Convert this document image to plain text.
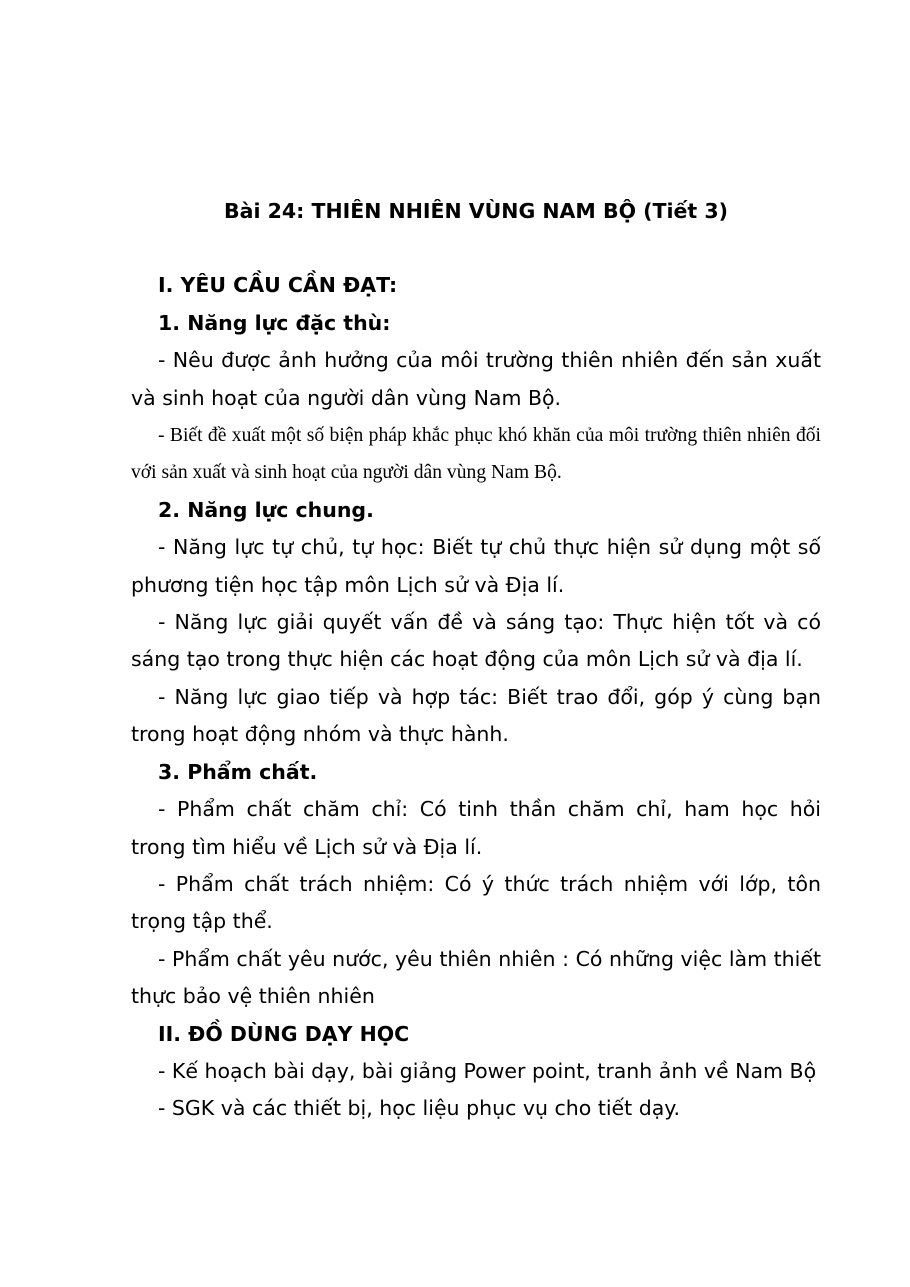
Bài 24: THIÊN NHIÊN VÙNG NAM BỘ (Tiết 3)

I. YÊU CẦU CẦN ĐẠT:

1. Năng lực đặc thù:

- Nêu được ảnh hưởng của môi trường thiên nhiên đến sản xuất và sinh hoạt của người dân vùng Nam Bộ.

- Biết đề xuất một số biện pháp khắc phục khó khăn của môi trường thiên nhiên đối với sản xuất và sinh hoạt của người dân vùng Nam Bộ.

2. Năng lực chung.

- Năng lực tự chủ, tự học: Biết tự chủ thực hiện sử dụng một số phương tiện học tập môn Lịch sử và Địa lí.

- Năng lực giải quyết vấn đề và sáng tạo: Thực hiện tốt và có sáng tạo trong thực hiện các hoạt động của môn Lịch sử và địa lí.

- Năng lực giao tiếp và hợp tác: Biết trao đổi, góp ý cùng bạn trong hoạt động nhóm và thực hành.

3. Phẩm chất.

- Phẩm chất chăm chỉ: Có tinh thần chăm chỉ, ham học hỏi trong tìm hiểu về Lịch sử và Địa lí.

- Phẩm chất trách nhiệm: Có ý thức trách nhiệm với lớp, tôn trọng tập thể.

- Phẩm chất yêu nước, yêu thiên nhiên : Có những việc làm thiết thực bảo vệ thiên nhiên

II. ĐỒ DÙNG DẠY HỌC

- Kế hoạch bài dạy, bài giảng Power point, tranh ảnh về Nam Bộ

- SGK và các thiết bị, học liệu phục vụ cho tiết dạy.
